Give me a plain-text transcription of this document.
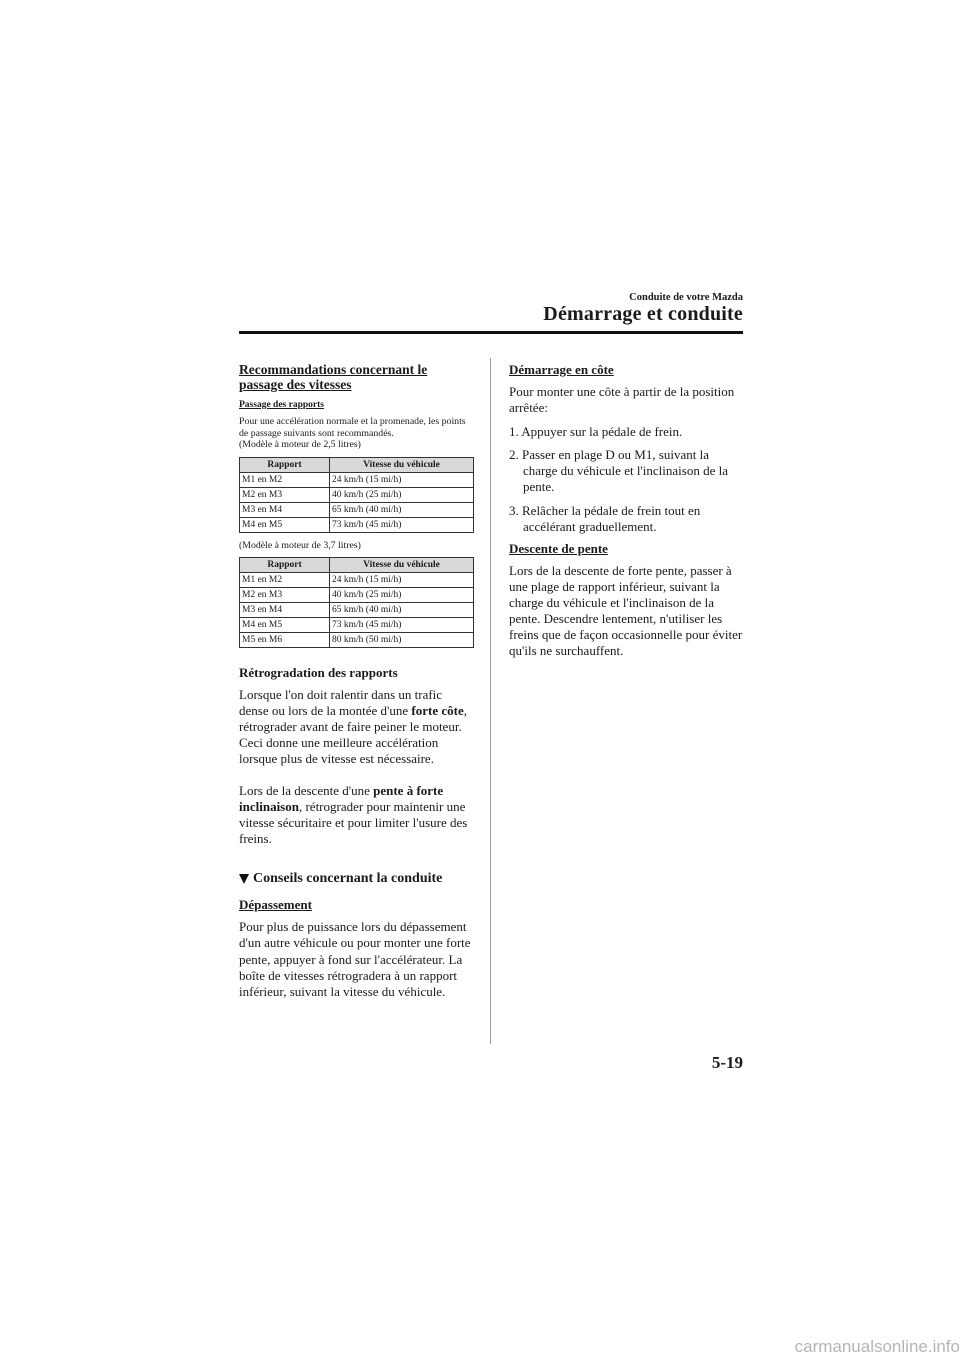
Conduite de votre Mazda
Démarrage et conduite

Recommandations concernant le passage des vitesses

Passage des rapports

Pour une accélération normale et la promenade, les points de passage suivants sont recommandés.

(Modèle à moteur de 2,5 litres)

Rapport	Vitesse du véhicule
M1 en M2	24 km/h (15 mi/h)
M2 en M3	40 km/h (25 mi/h)
M3 en M4	65 km/h (40 mi/h)
M4 en M5	73 km/h (45 mi/h)

(Modèle à moteur de 3,7 litres)

Rapport	Vitesse du véhicule
M1 en M2	24 km/h (15 mi/h)
M2 en M3	40 km/h (25 mi/h)
M3 en M4	65 km/h (40 mi/h)
M4 en M5	73 km/h (45 mi/h)
M5 en M6	80 km/h (50 mi/h)

Rétrogradation des rapports

Lorsque l'on doit ralentir dans un trafic dense ou lors de la montée d'une forte côte, rétrograder avant de faire peiner le moteur. Ceci donne une meilleure accélération lorsque plus de vitesse est nécessaire.

Lors de la descente d'une pente à forte inclinaison, rétrograder pour maintenir une vitesse sécuritaire et pour limiter l'usure des freins.

Conseils concernant la conduite

Dépassement

Pour plus de puissance lors du dépassement d'un autre véhicule ou pour monter une forte pente, appuyer à fond sur l'accélérateur. La boîte de vitesses rétrogradera à un rapport inférieur, suivant la vitesse du véhicule.

Démarrage en côte

Pour monter une côte à partir de la position arrêtée:

1. Appuyer sur la pédale de frein.
2. Passer en plage D ou M1, suivant la charge du véhicule et l'inclinaison de la pente.
3. Relâcher la pédale de frein tout en accélérant graduellement.

Descente de pente

Lors de la descente de forte pente, passer à une plage de rapport inférieur, suivant la charge du véhicule et l'inclinaison de la pente. Descendre lentement, n'utiliser les freins que de façon occasionnelle pour éviter qu'ils ne surchauffent.

5-19
carmanualsonline.info
